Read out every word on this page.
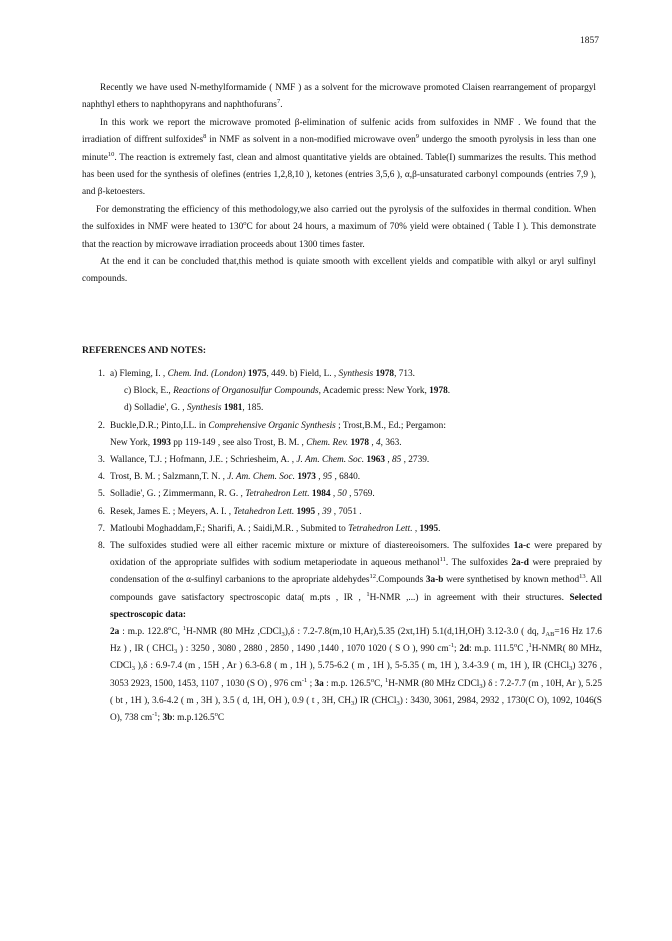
1857

Recently we have used N-methylformamide ( NMF ) as a solvent for the microwave promoted Claisen rearrangement of propargyl naphthyl ethers to naphthopyrans and naphthofurans$^7$.

In this work we report the microwave promoted β-elimination of sulfenic acids from sulfoxides in NMF . We found that the irradiation of diffrent sulfoxides$^8$ in NMF as solvent in a non-modified microwave oven$^9$ undergo the smooth pyrolysis in less than one minute$^{10}$. The reaction is extremely fast, clean and almost quantitative yields are obtained. Table(I) summarizes the results. This method has been used for the synthesis of olefines (entries 1,2,8,10 ), ketones (entries 3,5,6 ), α,β-unsaturated carbonyl compounds (entries 7,9 ), and β-ketoesters.

For demonstrating the efficiency of this methodology,we also carried out the pyrolysis of the sulfoxides in thermal condition. When the sulfoxides in NMF were heated to 130$^o$C for about 24 hours, a maximum of 70% yield were obtained ( Table I ). This demonstrate that the reaction by microwave irradiation proceeds about 1300 times faster.

At the end it can be concluded that,this method is quiate smooth with excellent yields and compatible with alkyl or aryl sulfinyl compounds.

REFERENCES AND NOTES:
1. a) Fleming, I. , Chem. Ind. (London) 1975, 449. b) Field, L. , Synthesis 1978, 713.
c) Block, E., Reactions of Organosulfur Compounds, Academic press: New York, 1978.
d) Solladie', G. , Synthesis 1981, 185.
2. Buckle,D.R.; Pinto,I.L. in Comprehensive Organic Synthesis ; Trost,B.M., Ed.; Pergamon:
New York, 1993 pp 119-149 , see also Trost, B. M. , Chem. Rev. 1978 , 4, 363.
3. Wallance, T.J. ; Hofmann, J.E. ; Schriesheim, A. , J. Am. Chem. Soc. 1963 , 85 , 2739.
4. Trost, B. M. ; Salzmann,T. N. , J. Am. Chem. Soc. 1973 , 95 , 6840.
5. Solladie', G. ; Zimmermann, R. G. , Tetrahedron Lett. 1984 , 50 , 5769.
6. Resek, James E. ; Meyers, A. I. , Tetahedron Lett. 1995 , 39 , 7051 .
7. Matloubi Moghaddam,F.; Sharifi, A. ; Saidi,M.R. , Submited to Tetrahedron Lett. , 1995.
8. The sulfoxides studied were all either racemic mixture or mixture of diastereoisomers. The sulfoxides 1a-c were prepared by oxidation of the appropriate sulfides with sodium metaperiodate in aqueous methanol$^{11}$. The sulfoxides 2a-d were prepraied by condensation of the α-sulfinyl carbanions to the apropriate aldehydes$^{12}$.Compounds 3a-b were synthetised by known method$^{13}$. All compounds gave satisfactory spectroscopic data( m.pts , IR , $^1$H-NMR ,...) in agreement with their structures. Selected spectroscopic data:
2a : m.p. 122.8$^o$C, $^1$H-NMR (80 MHz ,CDCl$_3$),δ : 7.2-7.8(m,10 H,Ar),5.35 (2xt,1H) 5.1(d,1H,OH) 3.12-3.0 ( dq, $J_{AB}=16$ Hz 17.6 Hz ) , IR ( CHCl$_3$ ) : 3250 , 3080 , 2880 , 2850 , 1490 ,1440 , 1070 1020 ( S O ), 990 $cm^{-1}$; 2d: m.p. 111.5$^o$C ,$^1$H-NMR( 80 MHz, CDCl$_3$ ),δ : 6.9-7.4 (m , 15H , Ar ) 6.3-6.8 ( m , 1H ), 5.75-6.2 ( m , 1H ), 5-5.35 ( m, 1H ), 3.4-3.9 ( m, 1H ), IR (CHCl$_3$) 3276 , 3053 2923, 1500, 1453, 1107 , 1030 (S O) , 976 $cm^{-1}$ ; 3a : m.p. 126.5$^o$C, $^1$H-NMR (80 MHz CDCl$_3$) δ : 7.2-7.7 (m , 10H, Ar ), 5.25 ( bt , 1H ), 3.6-4.2 ( m , 3H ), 3.5 ( d, 1H, OH ), 0.9 ( t , 3H, $CH_3$) IR (CHCl$_3$) : 3430, 3061, 2984, 2932 , 1730(C O), 1092, 1046(S O), 738 $cm^{-1}$; 3b: m.p.126.5$^o$C
